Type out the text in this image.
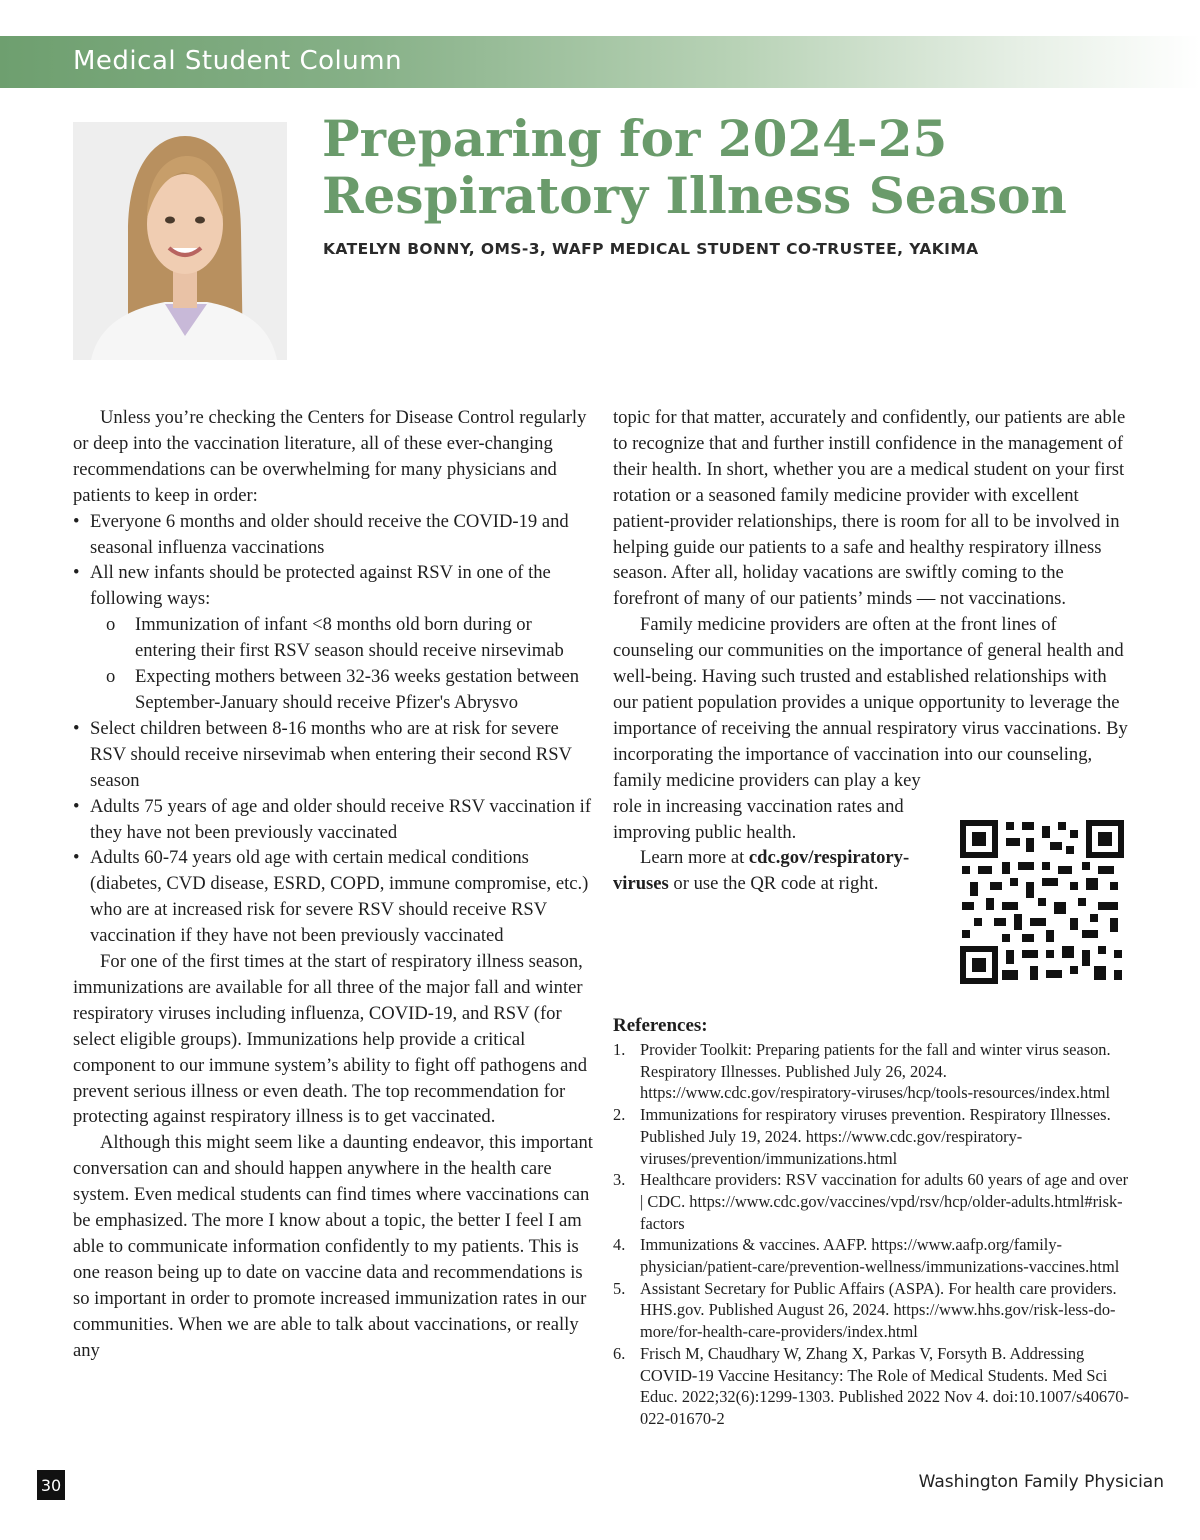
Medical Student Column
Preparing for 2024-25
Respiratory Illness Season
KATELYN BONNY, OMS-3, WAFP MEDICAL STUDENT CO-TRUSTEE, YAKIMA

Unless you’re checking the Centers for Disease Control regularly or deep into the vaccination literature, all of these ever-changing recommendations can be overwhelming for many physicians and patients to keep in order:

• Everyone 6 months and older should receive the COVID-19 and seasonal influenza vaccinations
• All new infants should be protected against RSV in one of the following ways:
o Immunization of infant <8 months old born during or entering their first RSV season should receive nirsevimab
o Expecting mothers between 32-36 weeks gestation between September-January should receive Pfizer's Abrysvo
• Select children between 8-16 months who are at risk for severe RSV should receive nirsevimab when entering their second RSV season
• Adults 75 years of age and older should receive RSV vaccination if they have not been previously vaccinated
• Adults 60-74 years old age with certain medical conditions (diabetes, CVD disease, ESRD, COPD, immune compromise, etc.) who are at increased risk for severe RSV should receive RSV vaccination if they have not been previously vaccinated

For one of the first times at the start of respiratory illness season, immunizations are available for all three of the major fall and winter respiratory viruses including influenza, COVID-19, and RSV (for select eligible groups). Immunizations help provide a critical component to our immune system’s ability to fight off pathogens and prevent serious illness or even death. The top recommendation for protecting against respiratory illness is to get vaccinated.

Although this might seem like a daunting endeavor, this important conversation can and should happen anywhere in the health care system. Even medical students can find times where vaccinations can be emphasized. The more I know about a topic, the better I feel I am able to communicate information confidently to my patients. This is one reason being up to date on vaccine data and recommendations is so important in order to promote increased immunization rates in our communities. When we are able to talk about vaccinations, or really any

topic for that matter, accurately and confidently, our patients are able to recognize that and further instill confidence in the management of their health. In short, whether you are a medical student on your first rotation or a seasoned family medicine provider with excellent patient-provider relationships, there is room for all to be involved in helping guide our patients to a safe and healthy respiratory illness season. After all, holiday vacations are swiftly coming to the forefront of many of our patients’ minds — not vaccinations.

Family medicine providers are often at the front lines of counseling our communities on the importance of general health and well-being. Having such trusted and established relationships with our patient population provides a unique opportunity to leverage the importance of receiving the annual respiratory virus vaccinations. By incorporating the importance of vaccination into our counseling,

family medicine providers can play a key role in increasing vaccination rates and improving public health.

Learn more at cdc.gov/respiratory-viruses or use the QR code at right.

References:
1. Provider Toolkit: Preparing patients for the fall and winter virus season. Respiratory Illnesses. Published July 26, 2024. https://www.cdc.gov/respiratory-viruses/hcp/tools-resources/index.html
2. Immunizations for respiratory viruses prevention. Respiratory Illnesses. Published July 19, 2024. https://www.cdc.gov/respiratory-viruses/prevention/immunizations.html
3. Healthcare providers: RSV vaccination for adults 60 years of age and over | CDC. https://www.cdc.gov/vaccines/vpd/rsv/hcp/older-adults.html#risk-factors
4. Immunizations & vaccines. AAFP. https://www.aafp.org/family-physician/patient-care/prevention-wellness/immunizations-vaccines.html
5. Assistant Secretary for Public Affairs (ASPA). For health care providers. HHS.gov. Published August 26, 2024. https://www.hhs.gov/risk-less-do-more/for-health-care-providers/index.html
6. Frisch M, Chaudhary W, Zhang X, Parkas V, Forsyth B. Addressing COVID-19 Vaccine Hesitancy: The Role of Medical Students. Med Sci Educ. 2022;32(6):1299-1303. Published 2022 Nov 4. doi:10.1007/s40670-022-01670-2
30	Washington Family Physician
